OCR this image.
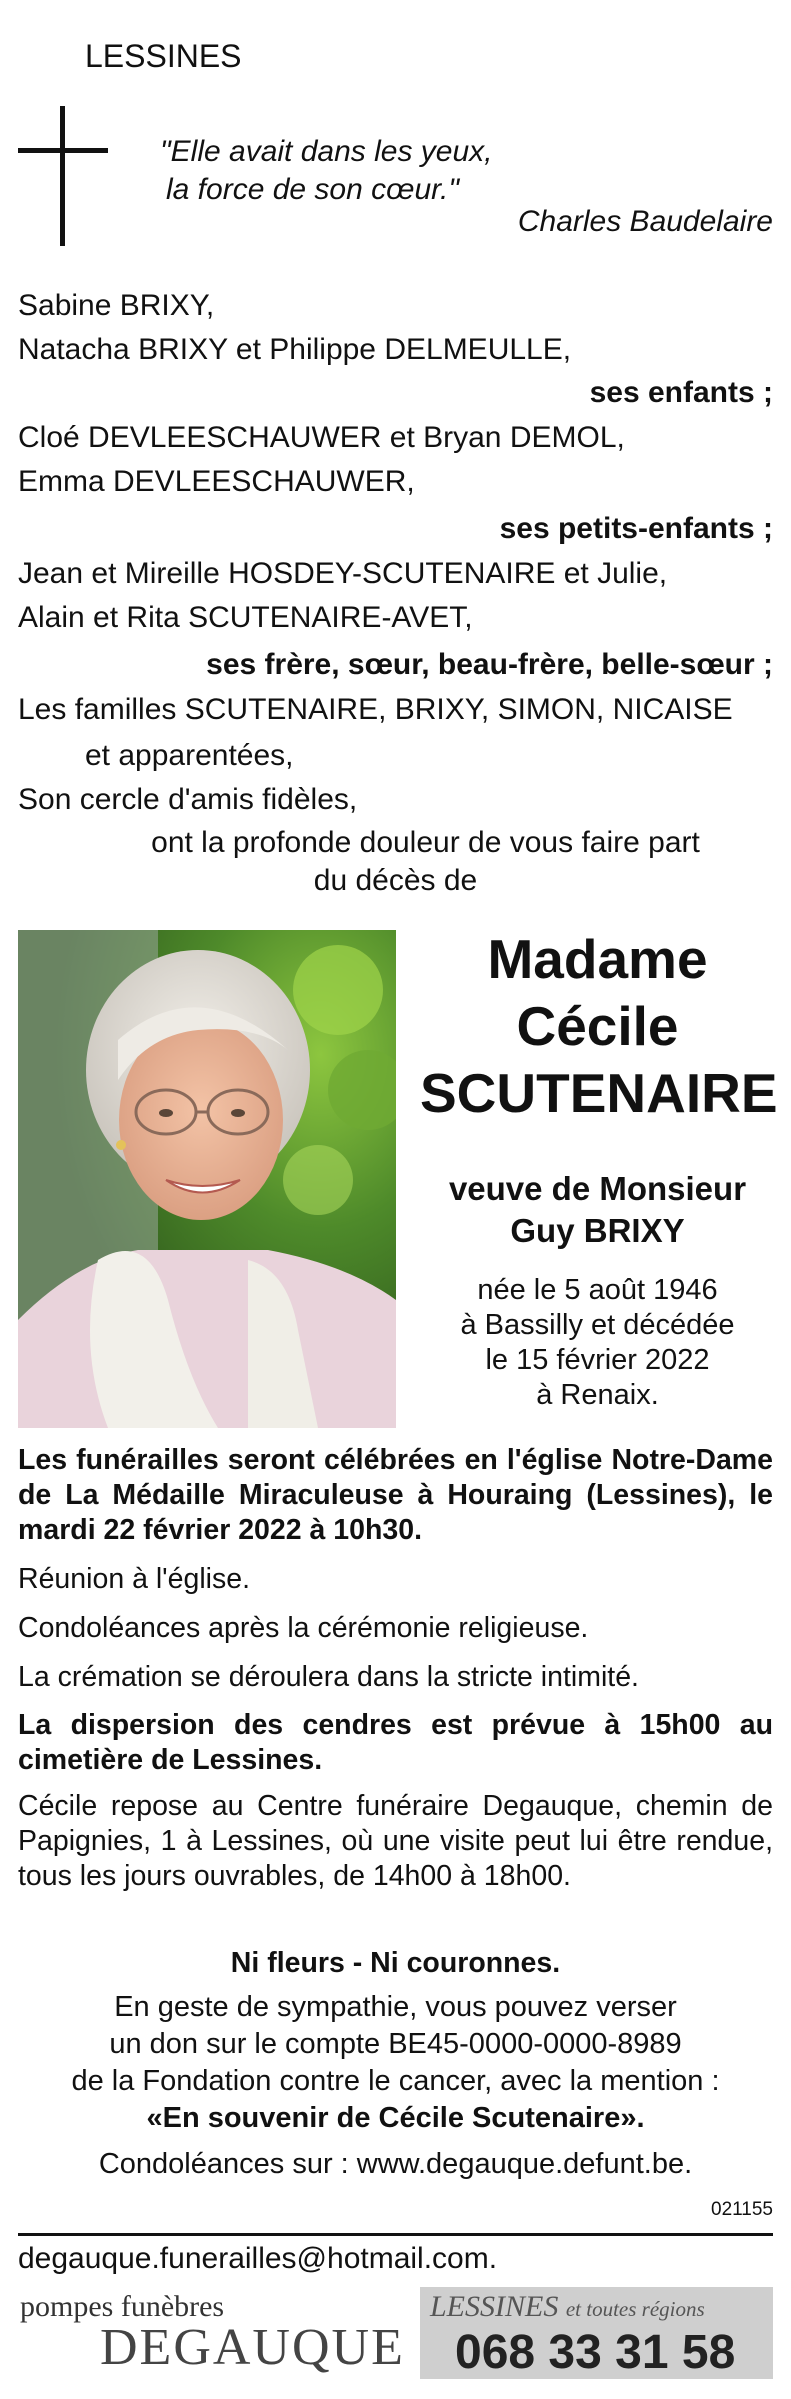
LESSINES
"Elle avait dans les yeux,
la force de son cœur."
Charles Baudelaire
Sabine BRIXY,
Natacha BRIXY et Philippe DELMEULLE,
ses enfants ;
Cloé DEVLEESCHAUWER et Bryan DEMOL,
Emma DEVLEESCHAUWER,
ses petits-enfants ;
Jean et Mireille HOSDEY-SCUTENAIRE et Julie,
Alain et Rita SCUTENAIRE-AVET,
ses frère, sœur, beau-frère, belle-sœur ;
Les familles SCUTENAIRE, BRIXY, SIMON, NICAISE
et apparentées,
Son cercle d'amis fidèles,
ont la profonde douleur de vous faire part
du décès de
Madame
Cécile
SCUTENAIRE
veuve de Monsieur
Guy BRIXY
née le 5 août 1946
à Bassilly et décédée
le 15 février 2022
à Renaix.
Les funérailles seront célébrées en l'église Notre-Dame de La Médaille Miraculeuse à Houraing (Lessines), le mardi 22 février 2022 à 10h30.
Réunion à l'église.
Condoléances après la cérémonie religieuse.
La crémation se déroulera dans la stricte intimité.
La dispersion des cendres est prévue à 15h00 au cimetière de Lessines.
Cécile repose au Centre funéraire Degauque, chemin de Papignies, 1 à Lessines, où une visite peut lui être rendue, tous les jours ouvrables, de 14h00 à 18h00.
Ni fleurs - Ni couronnes.
En geste de sympathie, vous pouvez verser
un don sur le compte BE45-0000-0000-8989
de la Fondation contre le cancer, avec la mention :
«En souvenir de Cécile Scutenaire».
Condoléances sur : www.degauque.defunt.be.
021155
degauque.funerailles@hotmail.com.
pompes funèbres
DEGAUQUE
LESSINES et toutes régions
068 33 31 58
